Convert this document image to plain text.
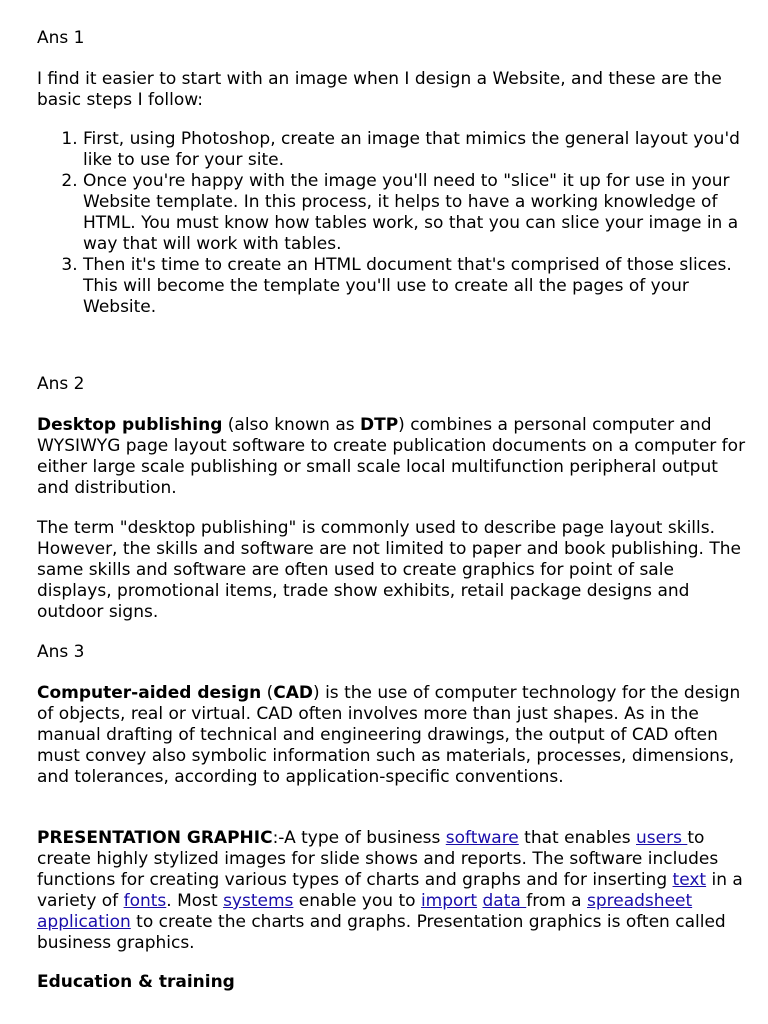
Ans 1

I find it easier to start with an image when I design a Website, and these are the basic steps I follow:

1. First, using Photoshop, create an image that mimics the general layout you'd like to use for your site.
2. Once you're happy with the image you'll need to "slice" it up for use in your Website template. In this process, it helps to have a working knowledge of HTML. You must know how tables work, so that you can slice your image in a way that will work with tables.
3. Then it's time to create an HTML document that's comprised of those slices. This will become the template you'll use to create all the pages of your Website.

Ans 2

Desktop publishing (also known as DTP) combines a personal computer and WYSIWYG page layout software to create publication documents on a computer for either large scale publishing or small scale local multifunction peripheral output and distribution.

The term "desktop publishing" is commonly used to describe page layout skills. However, the skills and software are not limited to paper and book publishing. The same skills and software are often used to create graphics for point of sale displays, promotional items, trade show exhibits, retail package designs and outdoor signs.

Ans 3

Computer-aided design (CAD) is the use of computer technology for the design of objects, real or virtual. CAD often involves more than just shapes. As in the manual drafting of technical and engineering drawings, the output of CAD often must convey also symbolic information such as materials, processes, dimensions, and tolerances, according to application-specific conventions.

PRESENTATION GRAPHIC:-A type of business software that enables users to create highly stylized images for slide shows and reports. The software includes functions for creating various types of charts and graphs and for inserting text in a variety of fonts. Most systems enable you to import data from a spreadsheet application to create the charts and graphs. Presentation graphics is often called business graphics.

Education & training
